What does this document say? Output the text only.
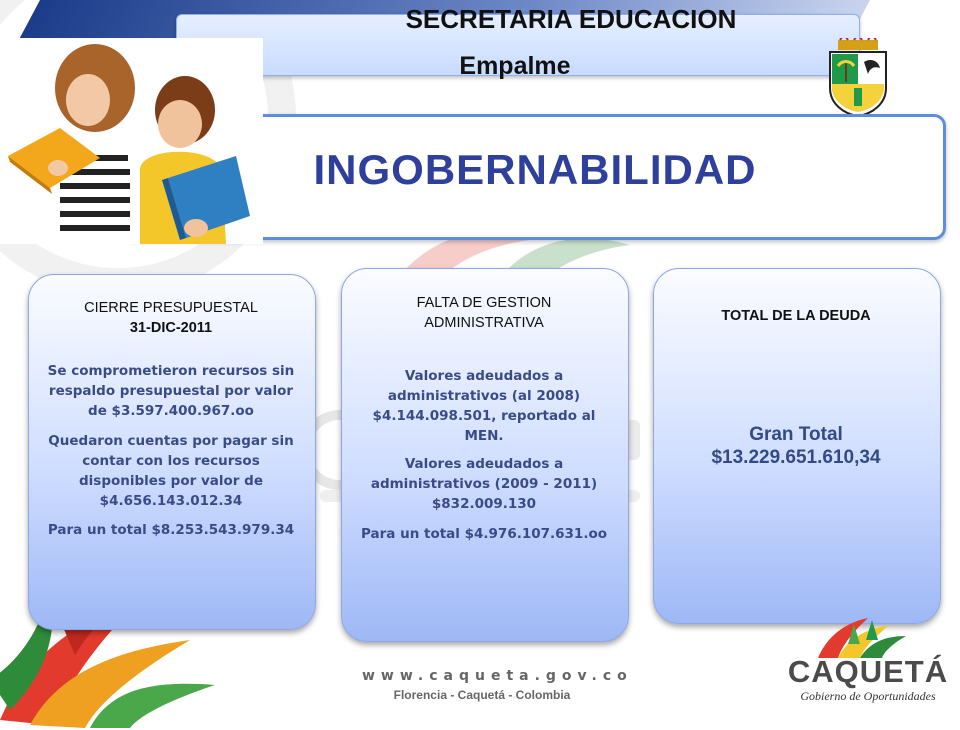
SECRETARIA EDUCACION
Empalme
INGOBERNABILIDAD
CIERRE PRESUPUESTAL
31-DIC-2011
Se comprometieron recursos sin respaldo presupuestal por valor de $3.597.400.967.oo
Quedaron cuentas por pagar sin contar con los recursos disponibles por valor de $4.656.143.012.34
Para un total $8.253.543.979.34
FALTA DE GESTION
ADMINISTRATIVA
Valores adeudados a administrativos (al 2008) $4.144.098.501, reportado al MEN.
Valores adeudados a administrativos (2009 - 2011) $832.009.130
Para un total $4.976.107.631.oo
TOTAL DE LA DEUDA
Gran Total
$13.229.651.610,34
www.caqueta.gov.co
Florencia - Caquetá - Colombia
CAQUETÁ
Gobierno de Oportunidades
